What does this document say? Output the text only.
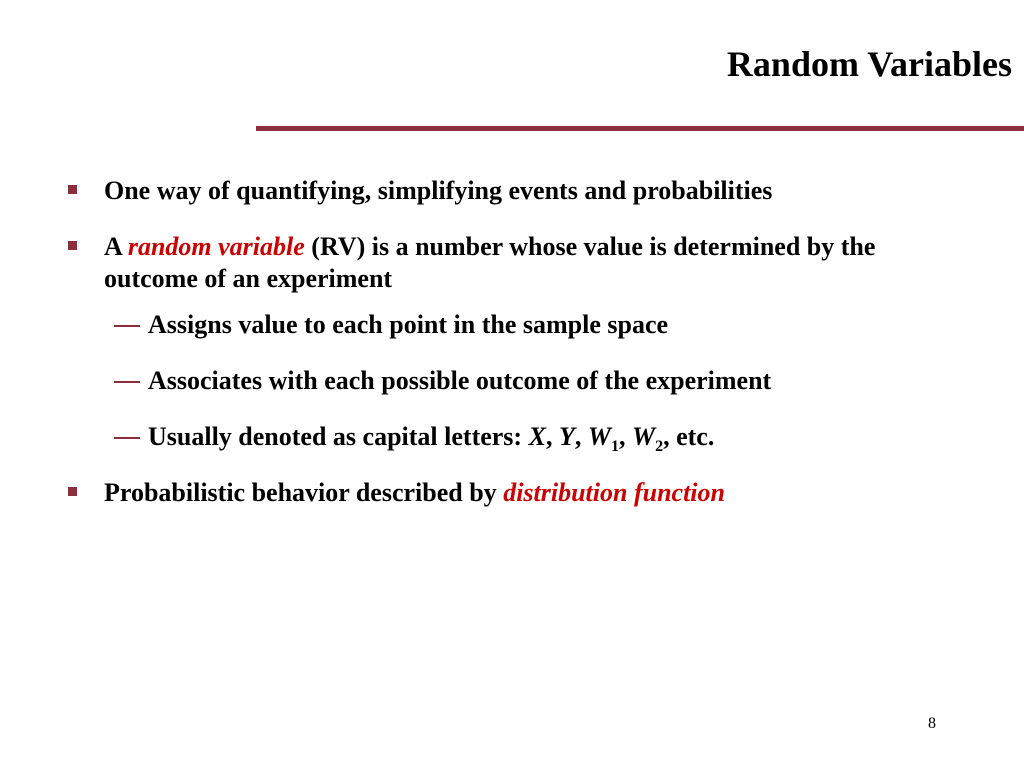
Random Variables
One way of quantifying, simplifying events and probabilities
A random variable (RV) is a number whose value is determined by the outcome of an experiment
Assigns value to each point in the sample space
Associates with each possible outcome of the experiment
Usually denoted as capital letters: X, Y, $W_1$, $W_2$, etc.
Probabilistic behavior described by distribution function
8
